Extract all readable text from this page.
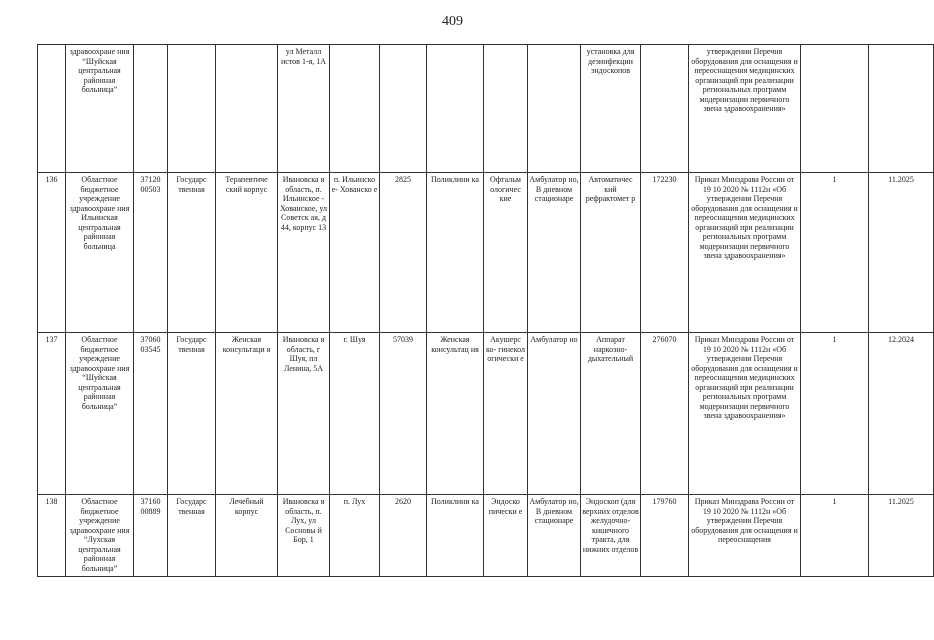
409
	здравоохране ния “Шуйская центральная районная больница”				ул Металл истов 1-я, 1А						установка для дезинфекции эндоскопов		утверждении Перечня оборудования для оснащения и переоснащения медицинских организаций при реализации региональных программ модернизации первичного звена здравоохранения»		
136	Областное бюджетное учреждение здравоохране ния Ильинская центральная районная больница	37120 00503	Государс твенная	Терапевтиче ский корпус	Ивановска я область, п. Ильинское - Хованское, ул Советск ая, д 44, корпус 13	п. Ильинско е- Хованско е	2825	Поликлини ка	Офтальм ологичес кие	Амбулатор но, В дневном стационаре	Автоматичес кий рефрактомет р	172230	Приказ Минздрава России от 19 10 2020 № 1112н «Об утверждении Перечня оборудования для оснащения и переоснащения медицинских организаций при реализации региональных программ модернизации первичного звена здравоохранения»	1	11.2025
137	Областное бюджетное учреждение здравоохране ния “Шуйская центральная районная больница”	37060 03545	Государс твенная	Женская консультаци я	Ивановска я область, г Шуя, пл Ленина, 5А	г. Шуя	57039	Женская консультац ия	Акушерс ко- гинекол огически е	Амбулатор но	Аппарат наркозно- дыхательный	276070	Приказ Минздрава России от 19 10 2020 № 1112н «Об утверждении Перечня оборудования для оснащения и переоснащения медицинских организаций при реализации региональных программ модернизации первичного звена здравоохранения»	1	12.2024
138	Областное бюджетное учреждение здравоохране ния “Лухская центральная районная больница”	37160 00889	Государс твенная	Лечебный корпус	Ивановска я область, п. Лух, ул Сосновы й Бор, 1	п. Лух	2620	Поликлини ка	Эндоско пически е	Амбулатор но, В дневном стационаре	Эндоскоп (для верхних отделов желудочно- кишечного тракта, для нижних отделов	179760	Приказ Минздрава России от 19 10 2020 № 1112н «Об утверждении Перечня оборудования для оснащения и переоснащения	1	11.2025
